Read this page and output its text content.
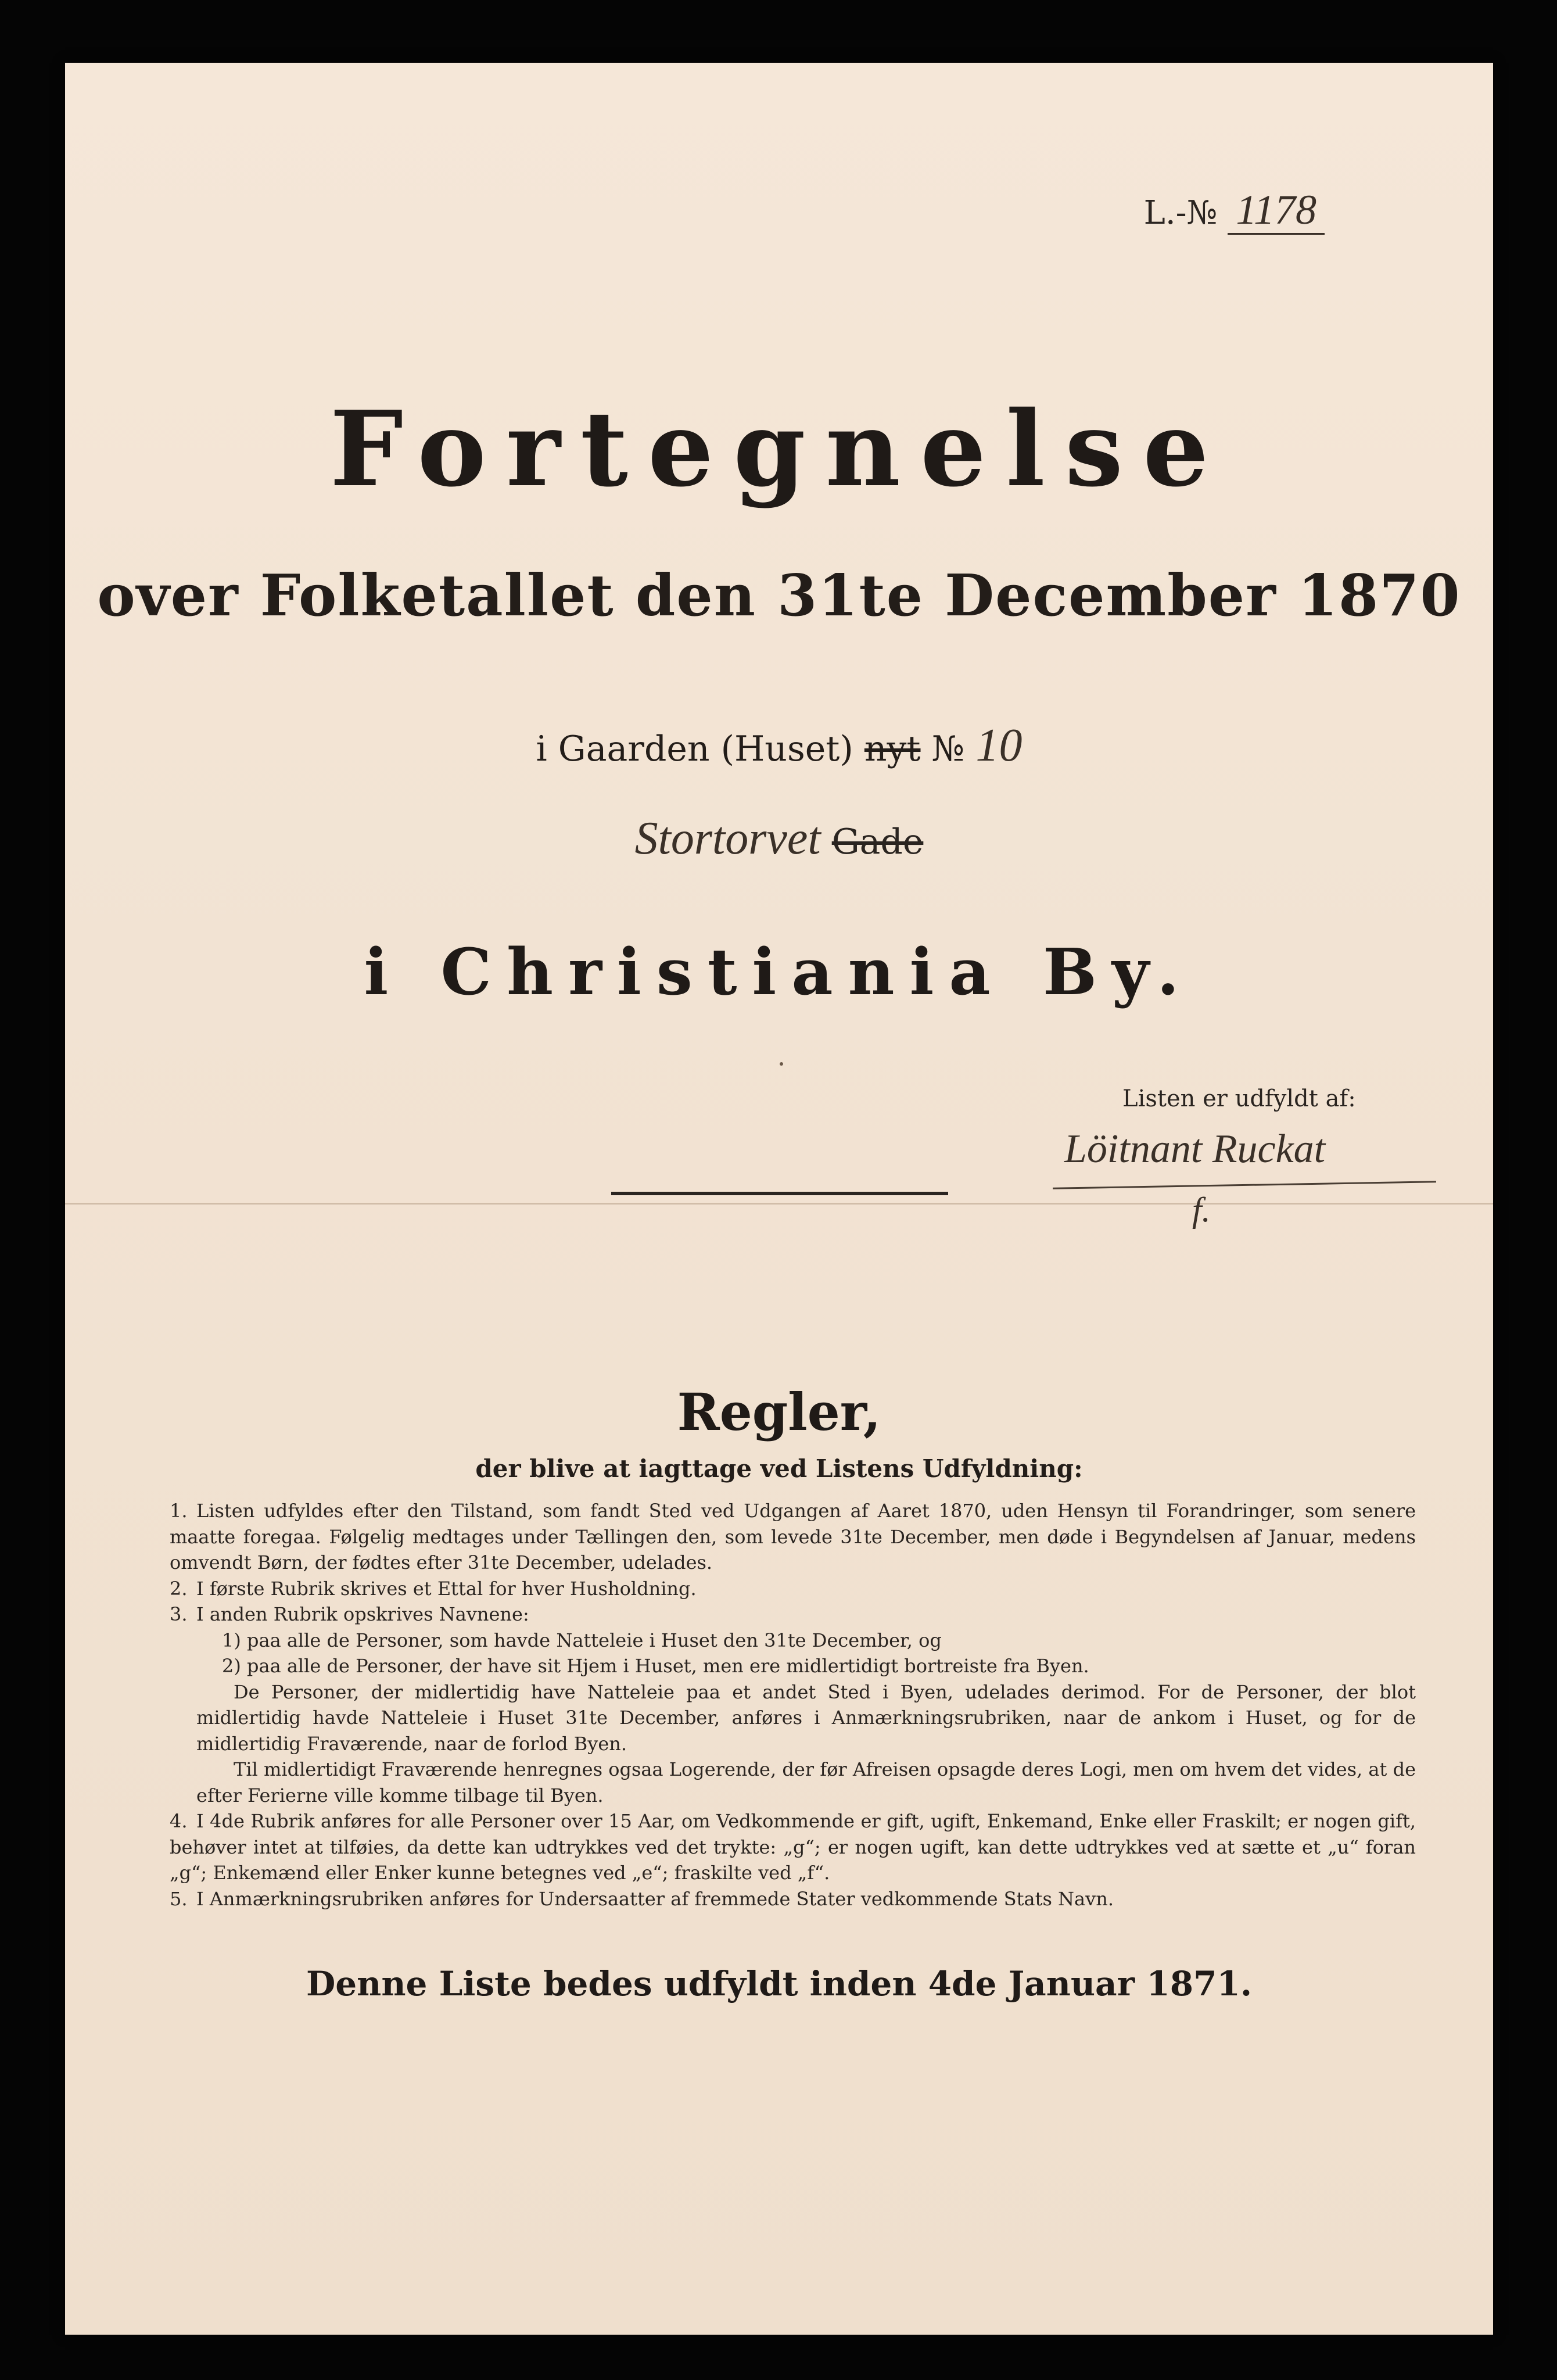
L.-№ 1178
Fortegnelse
over Folketallet den 31te December 1870
i Gaarden (Huset) nyt № 10
Stortorvet Gade
i Christiania By.
Listen er udfyldt af:
Löitnant Ruckat
f.
Regler,
der blive at iagttage ved Listens Udfyldning:

1. Listen udfyldes efter den Tilstand, som fandt Sted ved Udgangen af Aaret 1870, uden Hensyn til Forandringer, som senere maatte foregaa. Følgelig medtages under Tællingen den, som levede 31te December, men døde i Begyndelsen af Januar, medens omvendt Børn, der fødtes efter 31te December, udelades.

2. I første Rubrik skrives et Ettal for hver Husholdning.

3. I anden Rubrik opskrives Navnene:

1) paa alle de Personer, som havde Natteleie i Huset den 31te December, og

2) paa alle de Personer, der have sit Hjem i Huset, men ere midlertidigt bortreiste fra Byen.

De Personer, der midlertidig have Natteleie paa et andet Sted i Byen, udelades derimod. For de Personer, der blot midlertidig havde Natteleie i Huset 31te December, anføres i Anmærkningsrubriken, naar de ankom i Huset, og for de midlertidig Fraværende, naar de forlod Byen.

Til midlertidigt Fraværende henregnes ogsaa Logerende, der før Afreisen opsagde deres Logi, men om hvem det vides, at de efter Ferierne ville komme tilbage til Byen.

4. I 4de Rubrik anføres for alle Personer over 15 Aar, om Vedkommende er gift, ugift, Enkemand, Enke eller Fraskilt; er nogen gift, behøver intet at tilføies, da dette kan udtrykkes ved det trykte: „g“; er nogen ugift, kan dette udtrykkes ved at sætte et „u“ foran „g“; Enkemænd eller Enker kunne betegnes ved „e“; fraskilte ved „f“.

5. I Anmærkningsrubriken anføres for Undersaatter af fremmede Stater vedkommende Stats Navn.

Denne Liste bedes udfyldt inden 4de Januar 1871.
